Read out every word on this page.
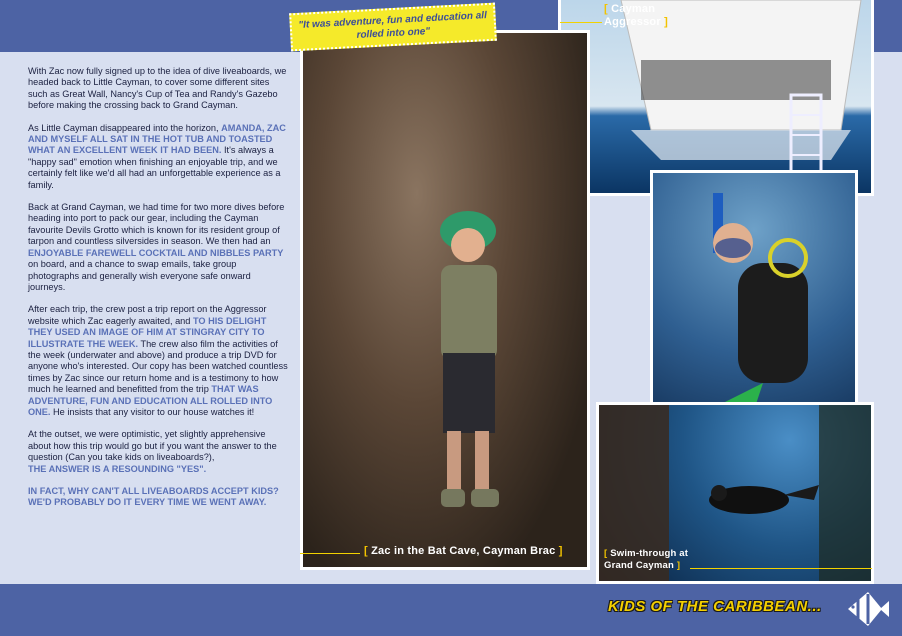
With Zac now fully signed up to the idea of dive liveaboards, we headed back to Little Cayman, to cover some different sites such as Great Wall, Nancy's Cup of Tea and Randy's Gazebo before making the crossing back to Grand Cayman.

As Little Cayman disappeared into the horizon, AMANDA, ZAC AND MYSELF ALL SAT IN THE HOT TUB AND TOASTED WHAT AN EXCELLENT WEEK IT HAD BEEN. It's always a "happy sad" emotion when finishing an enjoyable trip, and we certainly felt like we'd all had an unforgettable experience as a family.

Back at Grand Cayman, we had time for two more dives before heading into port to pack our gear, including the Cayman favourite Devils Grotto which is known for its resident group of tarpon and countless silversides in season. We then had an ENJOYABLE FAREWELL COCKTAIL AND NIBBLES PARTY on board, and a chance to swap emails, take group photographs and generally wish everyone safe onward journeys.

After each trip, the crew post a trip report on the Aggressor website which Zac eagerly awaited, and TO HIS DELIGHT THEY USED AN IMAGE OF HIM AT STINGRAY CITY TO ILLUSTRATE THE WEEK. The crew also film the activities of the week (underwater and above) and produce a trip DVD for anyone who's interested. Our copy has been watched countless times by Zac since our return home and is a testimony to how much he learned and benefitted from the trip THAT WAS ADVENTURE, FUN AND EDUCATION ALL ROLLED INTO ONE. He insists that any visitor to our house watches it!

At the outset, we were optimistic, yet slightly apprehensive about how this trip would go but if you want the answer to the question (Can you take kids on liveaboards?),
THE ANSWER IS A RESOUNDING "YES".

IN FACT, WHY CAN'T ALL LIVEABOARDS ACCEPT KIDS? WE'D PROBABLY DO IT EVERY TIME WE WENT AWAY.

[ Cayman
Aggressor ]
[ Zac in the Bat Cave, Cayman Brac ]	[ Swim-through at
Grand Cayman ]
"It was adventure, fun and education all rolled into one"
KIDS OF THE CARIBBEAN...
